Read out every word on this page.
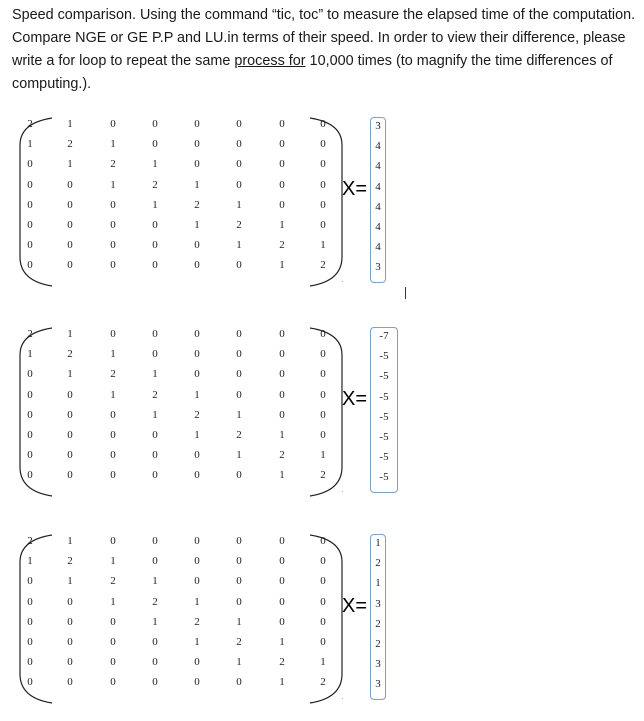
Speed comparison. Using the command “tic, toc” to measure the elapsed time of the computation. Compare NGE or GE P.P and LU.in terms of their speed. In order to view their difference, please write a for loop to repeat the same process for 10,000 times (to magnify the time differences of computing.).
2	1	0	0	0	0	0	0
1	2	1	0	0	0	0	0
0	1	2	1	0	0	0	0
0	0	1	2	1	0	0	0
0	0	0	1	2	1	0	0
0	0	0	0	1	2	1	0
0	0	0	0	0	1	2	1
0	0	0	0	0	0	1	2
·
X=
3
4
4
4
4
4
4
3
2	1	0	0	0	0	0	0
1	2	1	0	0	0	0	0
0	1	2	1	0	0	0	0
0	0	1	2	1	0	0	0
0	0	0	1	2	1	0	0
0	0	0	0	1	2	1	0
0	0	0	0	0	1	2	1
0	0	0	0	0	0	1	2
·
X=
-7
-5
-5
-5
-5
-5
-5
-5
2	1	0	0	0	0	0	0
1	2	1	0	0	0	0	0
0	1	2	1	0	0	0	0
0	0	1	2	1	0	0	0
0	0	0	1	2	1	0	0
0	0	0	0	1	2	1	0
0	0	0	0	0	1	2	1
0	0	0	0	0	0	1	2
·
X=
1
2
1
3
2
2
3
3
